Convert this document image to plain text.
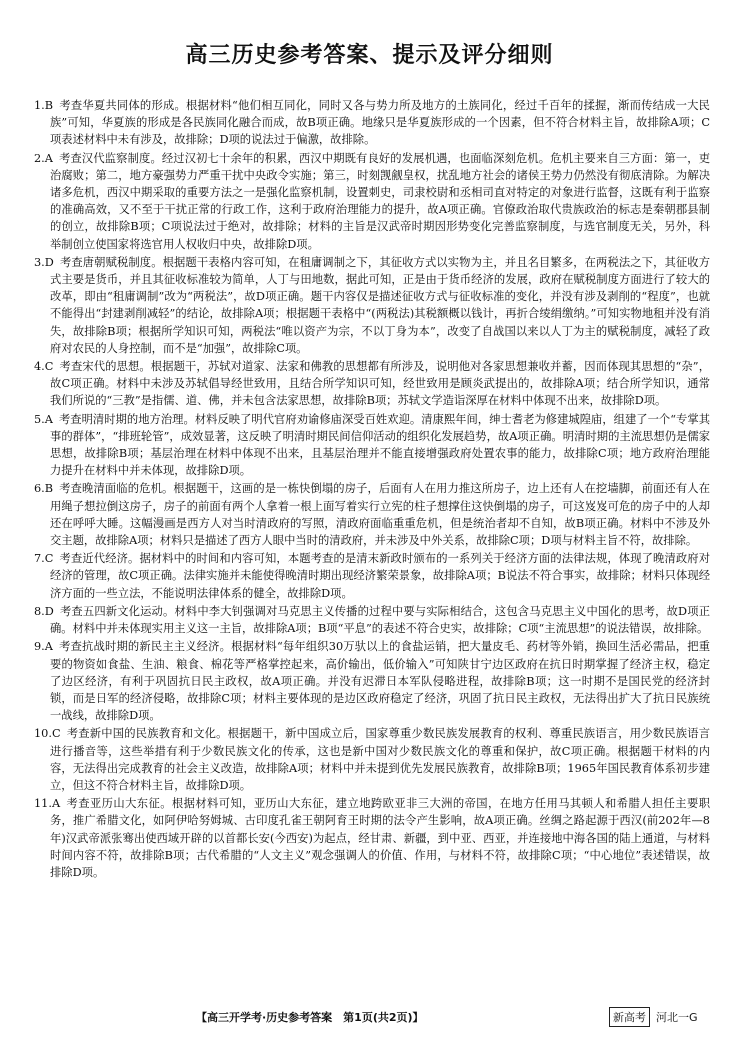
高三历史参考答案、提示及评分细则

1.B 考查华夏共同体的形成。根据材料“他们相互同化，同时又各与势力所及地方的土族同化，经过千百年的揉握，渐而传结成一大民族”可知，华夏族的形成是各民族同化融合而成，故B项正确。地缘只是华夏族形成的一个因素，但不符合材料主旨，故排除A项；C项表述材料中未有涉及，故排除；D项的说法过于偏激，故排除。

2.A 考查汉代监察制度。经过汉初七十余年的积累，西汉中期既有良好的发展机遇，也面临深刻危机。危机主要来自三方面：第一，吏治腐败；第二，地方豪强势力严重干扰中央政令实施；第三，时刻觊觎皇权，扰乱地方社会的诸侯王势力仍然没有彻底清除。为解决诸多危机，西汉中期采取的重要方法之一是强化监察机制，设置刺史，司隶校尉和丞相司直对特定的对象进行监督，这既有利于监察的准确高效，又不至于干扰正常的行政工作，这利于政府治理能力的提升，故A项正确。官僚政治取代贵族政治的标志是秦朝郡县制的创立，故排除B项；C项说法过于绝对，故排除；材料的主旨是汉武帝时期因形势变化完善监察制度，与选官制度无关，另外，科举制创立使国家将选官用人权收归中央，故排除D项。

3.D 考查唐朝赋税制度。根据题干表格内容可知，在租庸调制之下，其征收方式以实物为主，并且名目繁多，在两税法之下，其征收方式主要是货币，并且其征收标准较为简单，人丁与田地数，据此可知，正是由于货币经济的发展，政府在赋税制度方面进行了较大的改革，即由“租庸调制”改为“两税法”，故D项正确。题干内容仅是描述征收方式与征收标准的变化，并没有涉及剥削的“程度”，也就不能得出“封建剥削减轻”的结论，故排除A项；根据题干表格中“(两税法)其税额概以钱计，再折合绫绢缴纳。”可知实物地租并没有消失，故排除B项；根据所学知识可知，两税法“唯以资产为宗，不以丁身为本”，改变了自战国以来以人丁为主的赋税制度，减轻了政府对农民的人身控制，而不是“加强”，故排除C项。

4.C 考查宋代的思想。根据题干，苏轼对道家、法家和佛教的思想都有所涉及，说明他对各家思想兼收并蓄，因而体现其思想的“杂”，故C项正确。材料中未涉及苏轼倡导经世致用，且结合所学知识可知，经世致用是顾炎武提出的，故排除A项；结合所学知识，通常我们所说的“三教”是指儒、道、佛，并未包含法家思想，故排除B项；苏轼文学造诣深厚在材料中体现不出来，故排除D项。

5.A 考查明清时期的地方治理。材料反映了明代官府劝谕修庙深受百姓欢迎。清康熙年间，绅士耆老为修建城隍庙，组建了一个“专掌其事的群体”，“排班轮管”，成效显著，这反映了明清时期民间信仰活动的组织化发展趋势，故A项正确。明清时期的主流思想仍是儒家思想，故排除B项；基层治理在材料中体现不出来，且基层治理并不能直接增强政府处置农事的能力，故排除C项；地方政府治理能力提升在材料中并未体现，故排除D项。

6.B 考查晚清面临的危机。根据题干，这画的是一栋快倒塌的房子，后面有人在用力推这所房子，边上还有人在挖墙脚，前面还有人在用绳子想拉倒这房子，房子的前面有两个人拿着一根上面写着实行立宪的柱子想撑住这快倒塌的房子，可这岌岌可危的房子中的人却还在呼呼大睡。这幅漫画是西方人对当时清政府的写照，清政府面临重重危机，但是统治者却不自知，故B项正确。材料中不涉及外交主题，故排除A项；材料只是描述了西方人眼中当时的清政府，并未涉及中外关系，故排除C项；D项与材料主旨不符，故排除。

7.C 考查近代经济。据材料中的时间和内容可知，本题考查的是清末新政时颁布的一系列关于经济方面的法律法规，体现了晚清政府对经济的管理，故C项正确。法律实施并未能使得晚清时期出现经济繁荣景象，故排除A项；B说法不符合事实，故排除；材料只体现经济方面的一些立法，不能说明法律体系的健全，故排除D项。

8.D 考查五四新文化运动。材料中李大钊强调对马克思主义传播的过程中要与实际相结合，这包含马克思主义中国化的思考，故D项正确。材料中并未体现实用主义这一主旨，故排除A项；B项“平息”的表述不符合史实，故排除；C项“主流思想”的说法错误，故排除。

9.A 考查抗战时期的新民主主义经济。根据材料“每年组织30万驮以上的食盐运销，把大量皮毛、药材等外销，换回生活必需品，把重要的物资如食盐、生油、粮食、棉花等严格掌控起来，高价输出，低价输入”可知陕甘宁边区政府在抗日时期掌握了经济主权，稳定了边区经济，有利于巩固抗日民主政权，故A项正确。并没有迟滞日本军队侵略进程，故排除B项；这一时期不是国民党的经济封锁，而是日军的经济侵略，故排除C项；材料主要体现的是边区政府稳定了经济，巩固了抗日民主政权，无法得出扩大了抗日民族统一战线，故排除D项。

10.C 考查新中国的民族教育和文化。根据题干，新中国成立后，国家尊重少数民族发展教育的权利、尊重民族语言，用少数民族语言进行播音等，这些举措有利于少数民族文化的传承，这也是新中国对少数民族文化的尊重和保护，故C项正确。根据题干材料的内容，无法得出完成教育的社会主义改造，故排除A项；材料中并未提到优先发展民族教育，故排除B项；1965年国民教育体系初步建立，但这不符合材料主旨，故排除D项。

11.A 考查亚历山大东征。根据材料可知，亚历山大东征，建立地跨欧亚非三大洲的帝国，在地方任用马其顿人和希腊人担任主要职务，推广希腊文化，如阿伊哈努姆城、古印度孔雀王朝阿育王时期的法令产生影响，故A项正确。丝绸之路起源于西汉(前202年—8年)汉武帝派张骞出使西域开辟的以首都长安(今西安)为起点，经甘肃、新疆，到中亚、西亚，并连接地中海各国的陆上通道，与材料时间内容不符，故排除B项；古代希腊的“人文主义”观念强调人的价值、作用，与材料不符，故排除C项；“中心地位”表述错误，故排除D项。

【高三开学考·历史参考答案　第1页(共2页)】	新高考 河北一G
